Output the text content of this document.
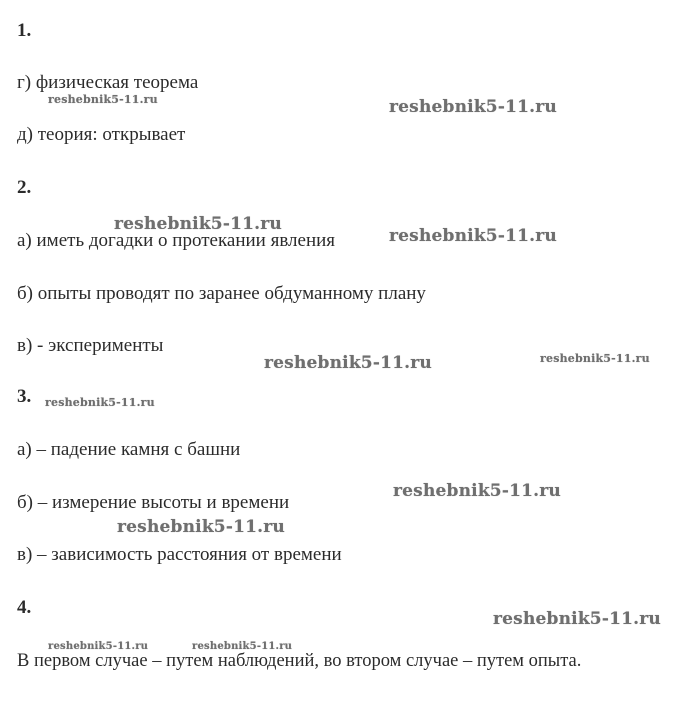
1.
г) физическая теорема
д) теория: открывает
2.
а) иметь догадки о протекании явления
б) опыты проводят по заранее обдуманному плану
в) - эксперименты
3.
а) – падение камня с башни
б) – измерение высоты и времени
в) – зависимость расстояния от времени
4.
В первом случае – путем наблюдений, во втором случае – путем опыта.
reshebnik5-11.ru	reshebnik5-11.ru
reshebnik5-11.ru
reshebnik5-11.ru
reshebnik5-11.ru	reshebnik5-11.ru
reshebnik5-11.ru
reshebnik5-11.ru
reshebnik5-11.ru
reshebnik5-11.ru
reshebnik5-11.ru	reshebnik5-11.ru
